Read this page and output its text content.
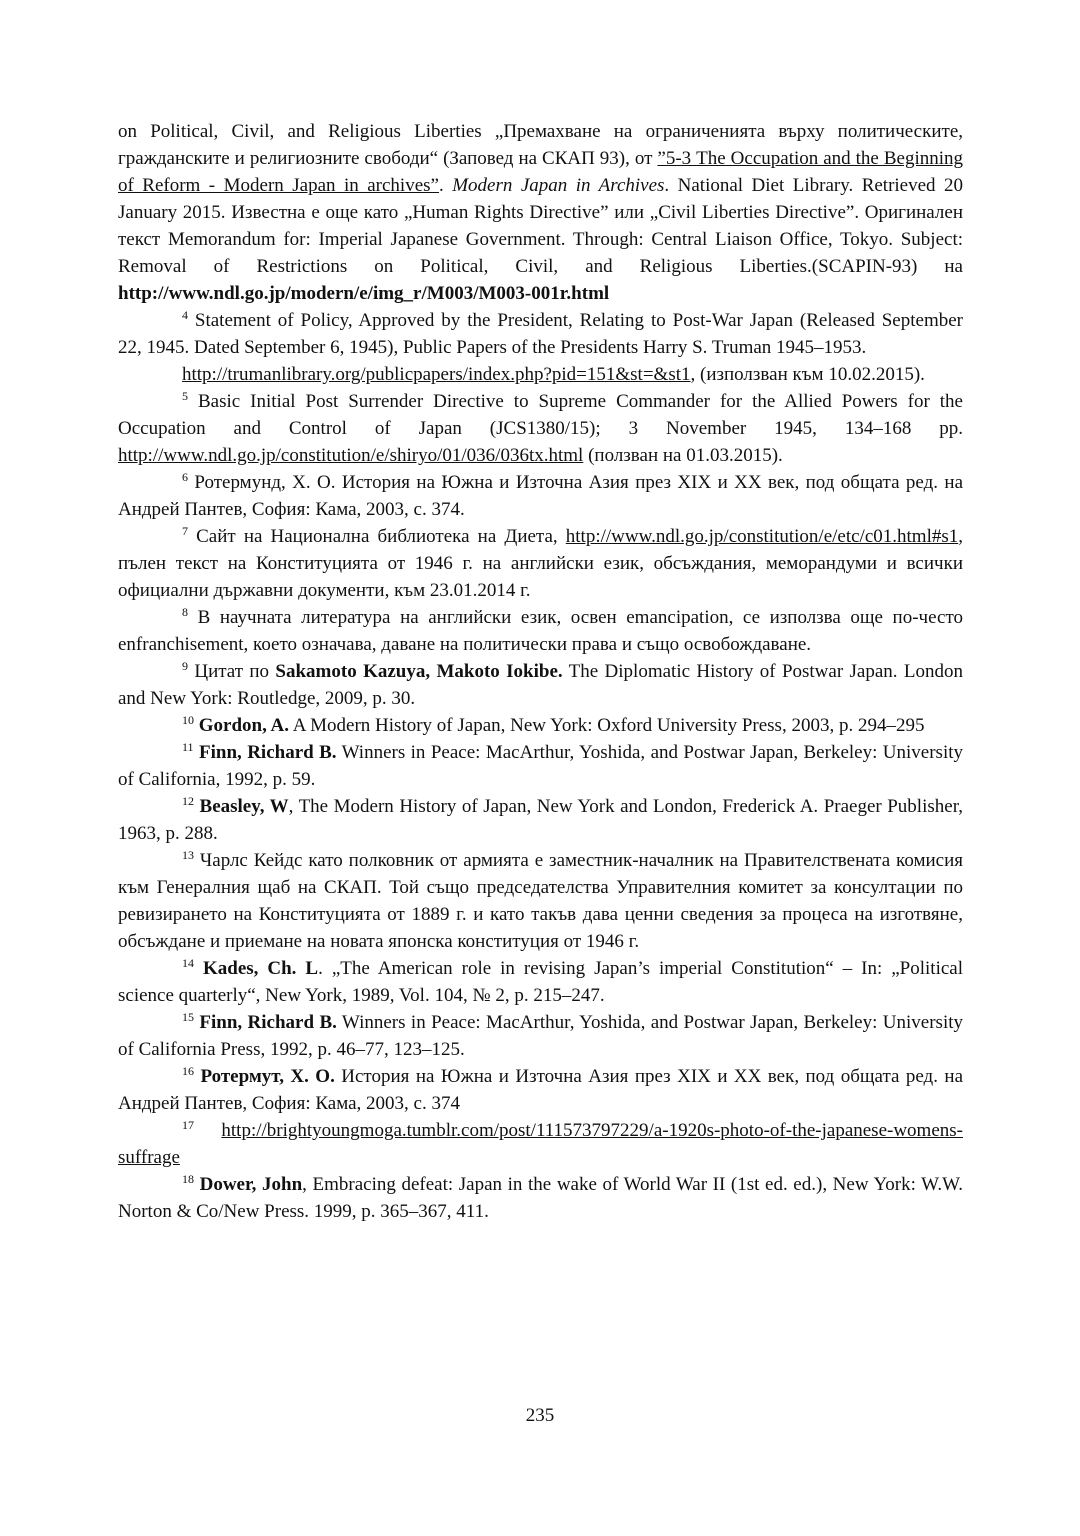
on Political, Civil, and Religious Liberties „Премахване на ограниченията върху политическите, гражданските и религиозните свободи“ (Заповед на СКАП 93), от ”5-3 The Occupation and the Beginning of Reform - Modern Japan in archives”. Modern Japan in Archives. National Diet Library. Retrieved 20 January 2015. Известна е още като „Human Rights Directive” или „Civil Liberties Directive”. Оригинален текст Memorandum for: Imperial Japanese Government. Through: Central Liaison Office, Tokyo. Subject: Removal of Restrictions on Political, Civil, and Religious Liberties.(SCAPIN-93) на http://www.ndl.go.jp/modern/e/img_r/M003/M003-001r.html

$^4$ Statement of Policy, Approved by the President, Relating to Post-War Japan (Released September 22, 1945. Dated September 6, 1945), Public Papers of the Presidents Harry S. Truman 1945–1953.

http://trumanlibrary.org/publicpapers/index.php?pid=151&st=&st1, (използван към 10.02.2015).

$^5$ Basic Initial Post Surrender Directive to Supreme Commander for the Allied Powers for the Occupation and Control of Japan (JCS1380/15); 3 November 1945, 134–168 pp. http://www.ndl.go.jp/constitution/e/shiryo/01/036/036tx.html (ползван на 01.03.2015).

$^6$ Ротермунд, Х. О. История на Южна и Източна Азия през XIX и XX век, под общата ред. на Андрей Пантев, София: Кама, 2003, с. 374.

$^7$ Сайт на Национална библиотека на Диета, http://www.ndl.go.jp/constitution/e/etc/c01.html#s1, пълен текст на Конституцията от 1946 г. на английски език, обсъждания, меморандуми и всички официални държавни документи, към 23.01.2014 г.

$^8$ В научната литература на английски език, освен emancipation, се използва още по-често enfranchisement, което означава, даване на политически права и също освобождаване.

$^9$ Цитат по Sakamoto Kazuya, Makoto Iokibe. The Diplomatic History of Postwar Japan. London and New York: Routledge, 2009, p. 30.

$^{10}$ Gordon, A. A Modern History of Japan, New York: Oxford University Press, 2003, p. 294–295

$^{11}$ Finn, Richard B. Winners in Peace: MacArthur, Yoshida, and Postwar Japan, Berkeley: University of California, 1992, p. 59.

$^{12}$ Beasley, W, The Modern History of Japan, New York and London, Frederick A. Praeger Publisher, 1963, p. 288.

$^{13}$ Чарлс Кейдс като полковник от армията е заместник-началник на Правителствената комисия към Генералния щаб на СКАП. Той също председателства Управителния комитет за консултации по ревизирането на Конституцията от 1889 г. и като такъв дава ценни сведения за процеса на изготвяне, обсъждане и приемане на новата японска конституция от 1946 г.

$^{14}$ Kades, Ch. L. „The American role in revising Japan’s imperial Constitution“ – In: „Political science quarterly“, New York, 1989, Vol. 104, № 2, p. 215–247.

$^{15}$ Finn, Richard B. Winners in Peace: MacArthur, Yoshida, and Postwar Japan, Berkeley: University of California Press, 1992, p. 46–77, 123–125.

$^{16}$ Ротермут, Х. О. История на Южна и Източна Азия през XIX и XX век, под общата ред. на Андрей Пантев, София: Кама, 2003, с. 374

$^{17}$ http://brightyoungmoga.tumblr.com/post/111573797229/a-1920s-photo-of-the-japanese-womens-suffrage

$^{18}$ Dower, John, Embracing defeat: Japan in the wake of World War II (1st ed. ed.), New York: W.W. Norton & Co/New Press. 1999, p. 365–367, 411.

235
